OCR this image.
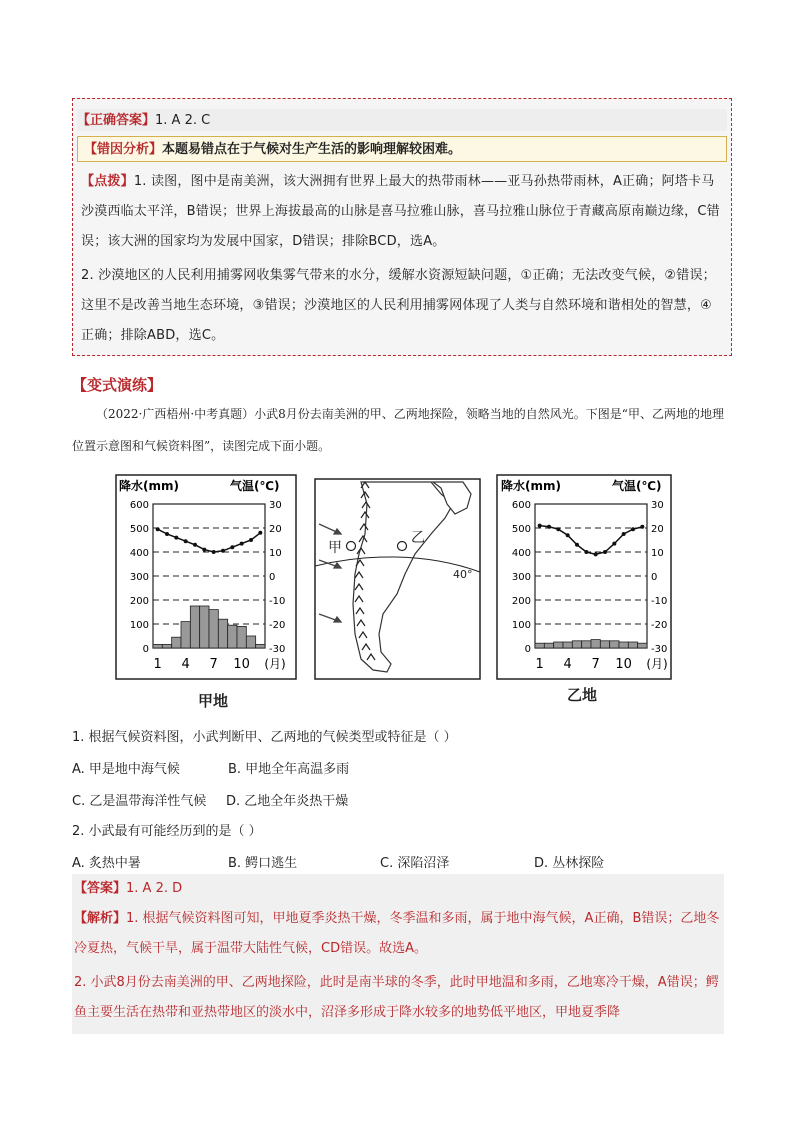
【正确答案】1. A 2. C
【错因分析】本题易错点在于气候对生产生活的影响理解较困难。
【点拨】1. 读图，图中是南美洲，该大洲拥有世界上最大的热带雨林——亚马孙热带雨林，A正确；阿塔卡马沙漠西临太平洋，B错误；世界上海拔最高的山脉是喜马拉雅山脉，喜马拉雅山脉位于青藏高原南巅边缘，C错误；该大洲的国家均为发展中国家，D错误；排除BCD，选A。
2. 沙漠地区的人民利用捕雾网收集雾气带来的水分，缓解水资源短缺问题，①正确；无法改变气候，②错误；这里不是改善当地生态环境，③错误；沙漠地区的人民利用捕雾网体现了人类与自然环境和谐相处的智慧，④正确；排除ABD，选C。
【变式演练】
（2022·广西梧州·中考真题）小武8月份去南美洲的甲、乙两地探险，领略当地的自然风光。下图是“甲、乙两地的地理位置示意图和气候资料图”，读图完成下面小题。
降水(mm)	气温(℃)
600
500
400
300
200
100
0
30
20
10
0
-10
-20
-30
1 4 7 10 (月)
40°
甲
乙
降水(mm)	气温(℃)
600
500
400
300
200
100
0
30
20
10
0
-10
-20
-30
1 4 7 10 (月)
甲地	乙地
1. 根据气候资料图，小武判断甲、乙两地的气候类型或特征是（ ）
A. 甲是地中海气候	B. 甲地全年高温多雨
C. 乙是温带海洋性气候 D. 乙地全年炎热干燥
2. 小武最有可能经历到的是（ ）
A. 炙热中暑	B. 鳄口逃生	C. 深陷沼泽	D. 丛林探险
【答案】1. A 2. D
【解析】1. 根据气候资料图可知，甲地夏季炎热干燥，冬季温和多雨，属于地中海气候，A正确，B错误；乙地冬冷夏热，气候干旱，属于温带大陆性气候，CD错误。故选A。
2. 小武8月份去南美洲的甲、乙两地探险，此时是南半球的冬季，此时甲地温和多雨，乙地寒冷干燥，A错误；鳄鱼主要生活在热带和亚热带地区的淡水中，沼泽多形成于降水较多的地势低平地区，甲地夏季降
